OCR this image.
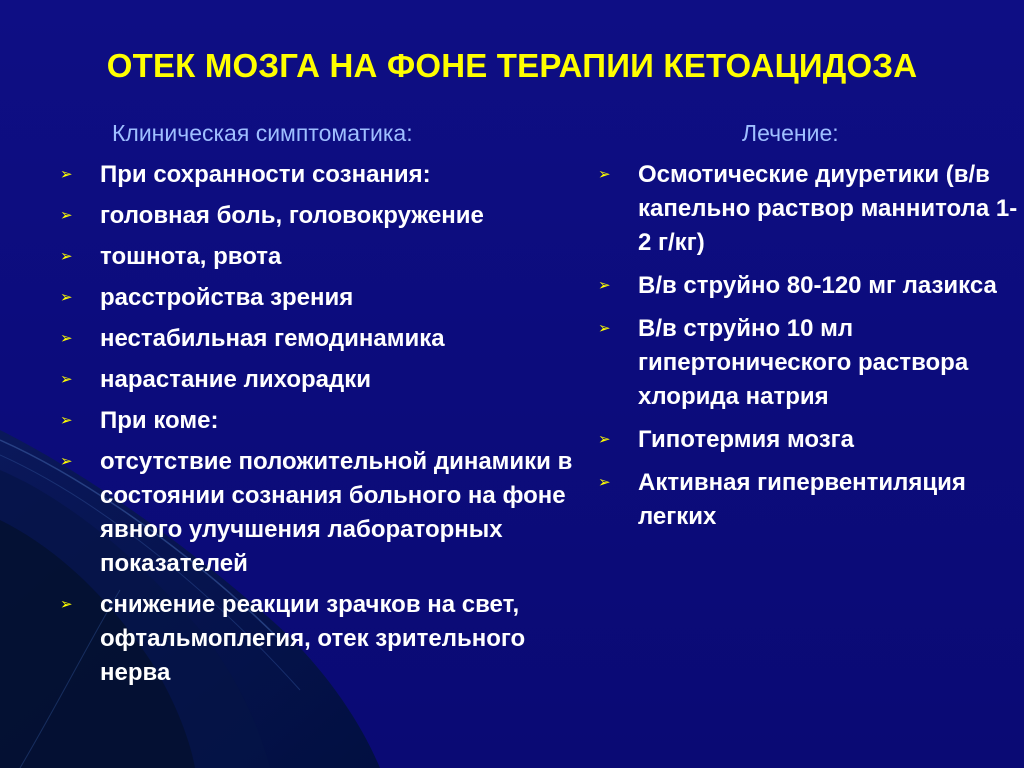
ОТЕК МОЗГА НА ФОНЕ ТЕРАПИИ КЕТОАЦИДОЗА
Клиническая симптоматика:	Лечение:
➢ При сохранности сознания:
➢ головная боль, головокружение
➢ тошнота, рвота
➢ расстройства зрения
➢ нестабильная гемодинамика
➢ нарастание лихорадки
➢ При коме:
➢ отсутствие положительной динамики в состоянии сознания больного на фоне явного улучшения лабораторных показателей
➢ снижение реакции зрачков на свет, офтальмоплегия, отек зрительного нерва
➢ Осмотические диуретики (в/в капельно раствор маннитола 1-2 г/кг)
➢ В/в струйно 80-120 мг лазикса
➢ В/в струйно 10 мл гипертонического раствора хлорида натрия
➢ Гипотермия мозга
➢ Активная гипервентиляция легких
